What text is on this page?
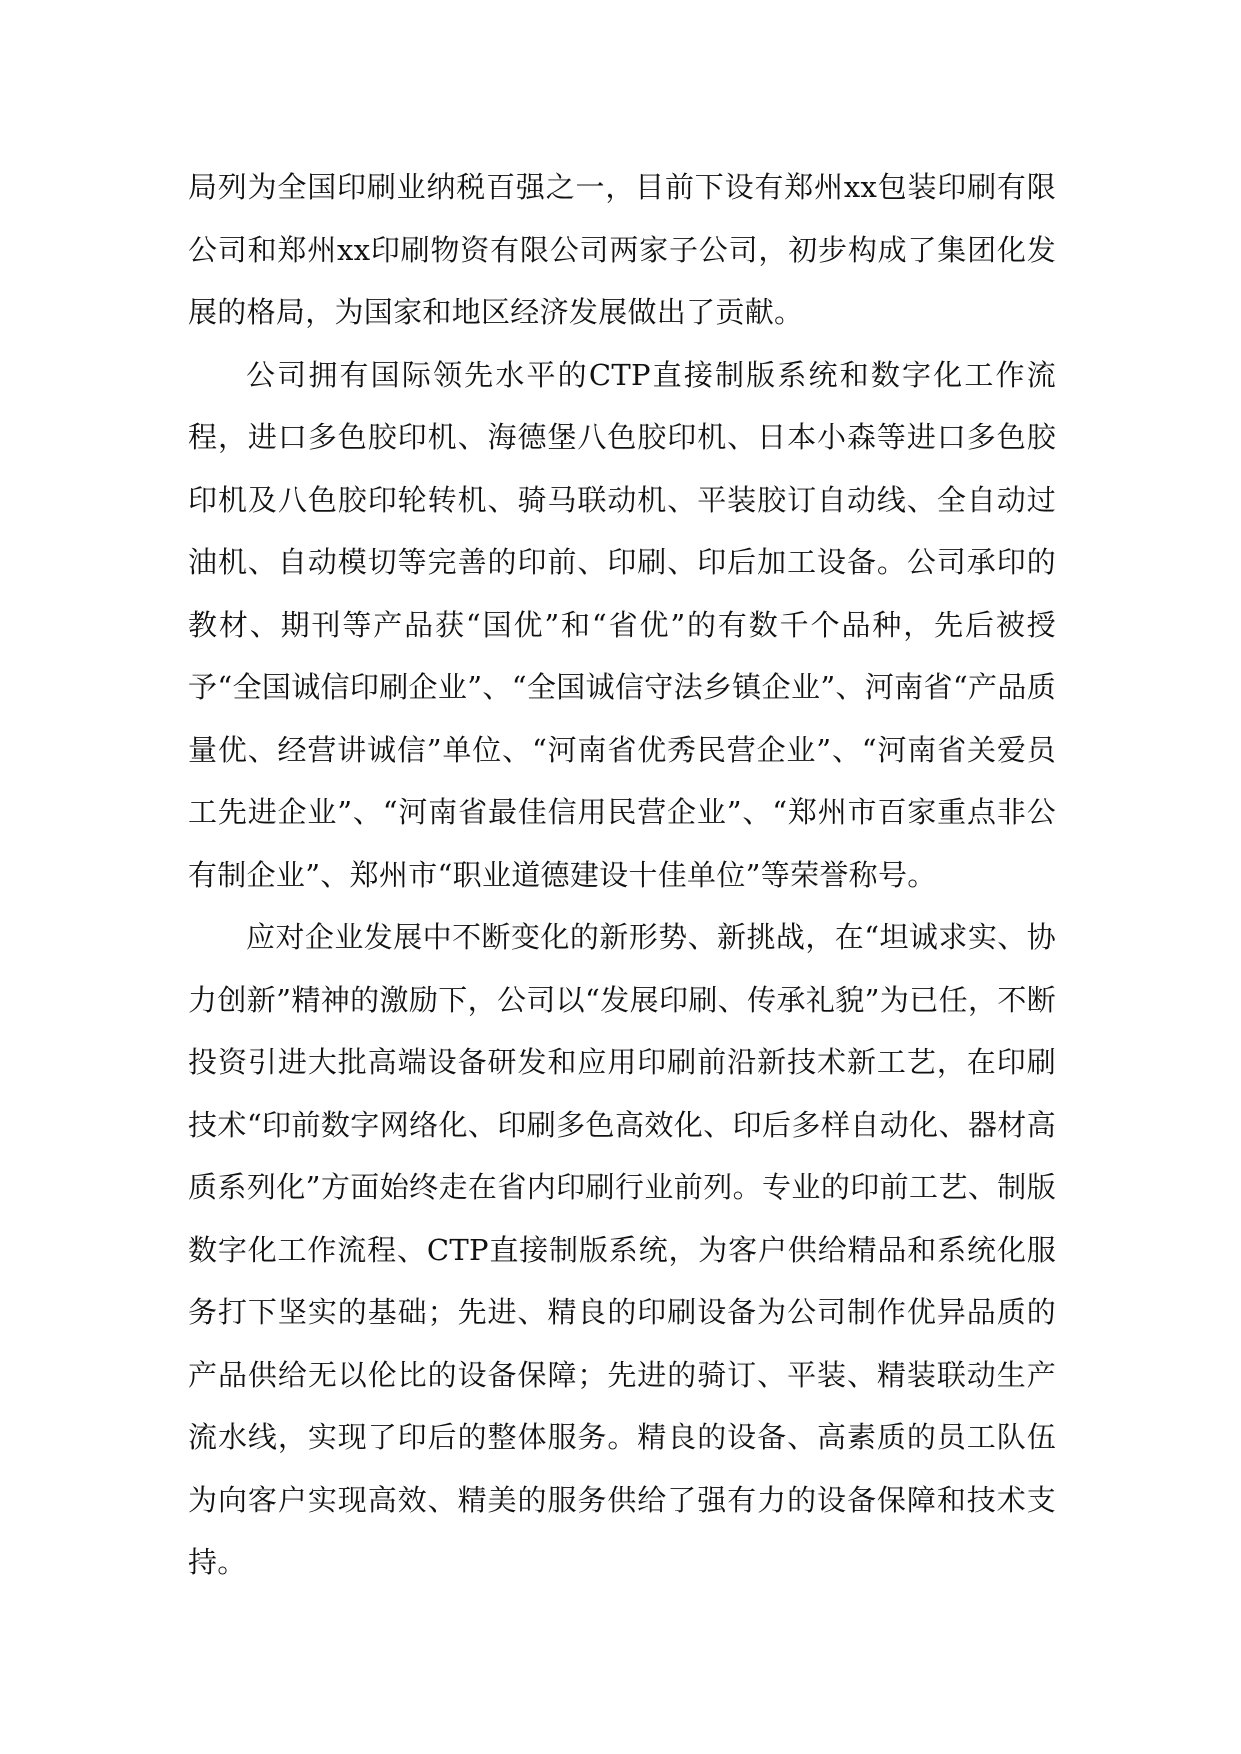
局列为全国印刷业纳税百强之一，目前下设有郑州xx包装印刷有限公司和郑州xx印刷物资有限公司两家子公司，初步构成了集团化发展的格局，为国家和地区经济发展做出了贡献。

公司拥有国际领先水平的CTP直接制版系统和数字化工作流程，进口多色胶印机、海德堡八色胶印机、日本小森等进口多色胶印机及八色胶印轮转机、骑马联动机、平装胶订自动线、全自动过油机、自动模切等完善的印前、印刷、印后加工设备。公司承印的教材、期刊等产品获“国优”和“省优”的有数千个品种，先后被授予“全国诚信印刷企业”、“全国诚信守法乡镇企业”、河南省“产品质量优、经营讲诚信”单位、“河南省优秀民营企业”、“河南省关爱员工先进企业”、“河南省最佳信用民营企业”、“郑州市百家重点非公有制企业”、郑州市“职业道德建设十佳单位”等荣誉称号。

应对企业发展中不断变化的新形势、新挑战，在“坦诚求实、协力创新”精神的激励下，公司以“发展印刷、传承礼貌”为已任，不断投资引进大批高端设备研发和应用印刷前沿新技术新工艺，在印刷技术“印前数字网络化、印刷多色高效化、印后多样自动化、器材高质系列化”方面始终走在省内印刷行业前列。专业的印前工艺、制版数字化工作流程、CTP直接制版系统，为客户供给精品和系统化服务打下坚实的基础；先进、精良的印刷设备为公司制作优异品质的产品供给无以伦比的设备保障；先进的骑订、平装、精装联动生产流水线，实现了印后的整体服务。精良的设备、高素质的员工队伍为向客户实现高效、精美的服务供给了强有力的设备保障和技术支持。
